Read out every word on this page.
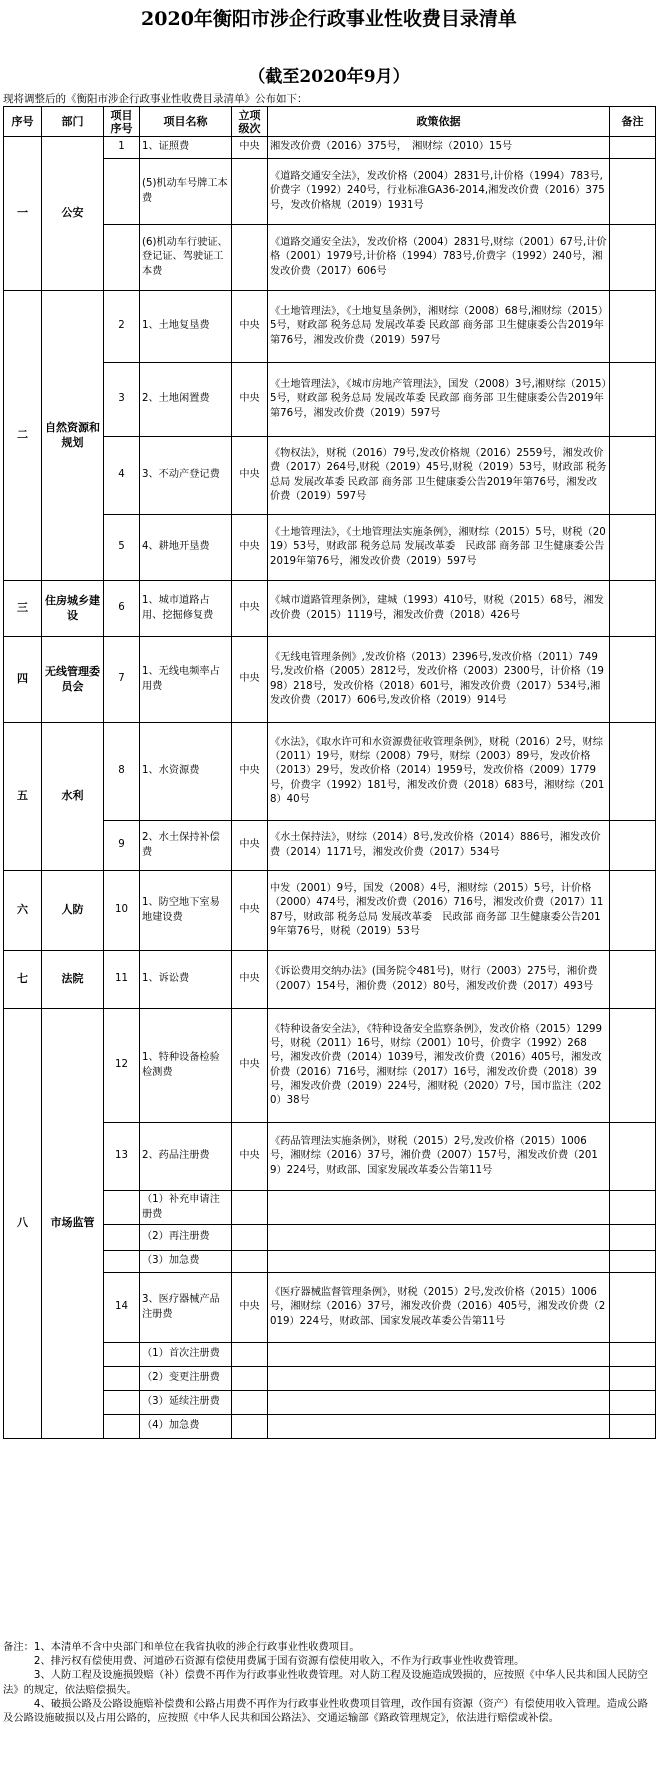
2020年衡阳市涉企行政事业性收费目录清单
（截至2020年9月）
现将调整后的《衡阳市涉企行政事业性收费目录清单》公布如下：
序号	部门	项目序号	项目名称	立项级次	政策依据	备注
一	公安	1	1、证照费	中央	湘发改价费（2016）375号，　湘财综（2010）15号	
			(5)机动车号牌工本费		《道路交通安全法》，发改价格（2004）2831号,计价格（1994）783号,价费字（1992）240号，行业标准GA36-2014,湘发改价费（2016）375号，发改价格规（2019）1931号	
			(6)机动车行驶证、登记证、驾驶证工本费		《道路交通安全法》，发改价格（2004）2831号,财综（2001）67号,计价格（2001）1979号,计价格（1994）783号,价费字（1992）240号，湘发改价费（2017）606号	
二	自然资源和规划	2	1、土地复垦费	中央	《土地管理法》，《土地复垦条例》，湘财综（2008）68号,湘财综（2015）5号，财政部 税务总局 发展改革委 民政部 商务部 卫生健康委公告2019年第76号，湘发改价费（2019）597号	
		3	2、土地闲置费	中央	《土地管理法》，《城市房地产管理法》，国发（2008）3号,湘财综（2015）5号，财政部 税务总局 发展改革委 民政部 商务部 卫生健康委公告2019年第76号，湘发改价费（2019）597号	
		4	3、不动产登记费	中央	《物权法》，财税（2016）79号,发改价格规（2016）2559号，湘发改价费（2017）264号,财税（2019）45号,财税（2019）53号，财政部 税务总局 发展改革委 民政部 商务部 卫生健康委公告2019年第76号，湘发改价费（2019）597号	
		5	4、耕地开垦费	中央	《土地管理法》，《土地管理法实施条例》，湘财综（2015）5号，财税（2019）53号，财政部 税务总局 发展改革委　民政部 商务部 卫生健康委公告2019年第76号，湘发改价费（2019）597号	
三	住房城乡建设	6	1、城市道路占用、挖掘修复费	中央	《城市道路管理条例》，建城（1993）410号，财税（2015）68号，湘发改价费（2015）1119号，湘发改价费（2018）426号	
四	无线管理委员会	7	1、无线电频率占用费	中央	《无线电管理条例》,发改价格（2013）2396号,发改价格（2011）749号,发改价格（2005）2812号，发改价格（2003）2300号，计价格（1998）218号，发改价格（2018）601号，湘发改价费（2017）534号,湘发改价费（2017）606号,发改价格（2019）914号	
五	水利	8	1、水资源费	中央	《水法》，《取水许可和水资源费征收管理条例》，财税（2016）2号，财综（2011）19号，财综（2008）79号，财综（2003）89号，发改价格（2013）29号，发改价格（2014）1959号，发改价格（2009）1779号，价费字（1992）181号，湘发改价费（2018）683号，湘财综（2018）40号	
		9	2、水土保持补偿费	中央	《水土保持法》，财综（2014）8号,发改价格（2014）886号，湘发改价费（2014）1171号，湘发改价费（2017）534号	
六	人防	10	1、防空地下室易地建设费	中央	中发（2001）9号，国发（2008）4号，湘财综（2015）5号，计价格（2000）474号，湘发改价费（2016）716号，湘发改价费（2017）1187号，财政部 税务总局 发展改革委　民政部 商务部 卫生健康委公告2019年第76号，财税（2019）53号	
七	法院	11	1、诉讼费	中央	《诉讼费用交纳办法》(国务院令481号)，财行（2003）275号，湘价费（2007）154号，湘价费（2012）80号，湘发改价费（2017）493号	
八	市场监管	12	1、特种设备检验检测费	中央	《特种设备安全法》，《特种设备安全监察条例》，发改价格（2015）1299号，财税（2011）16号，财综（2001）10号，价费字（1992）268号，湘发改价费（2014）1039号，湘发改价费（2016）405号，湘发改价费（2016）716号，湘财综（2017）16号，湘发改价费（2018）39号，湘发改价费（2019）224号，湘财税（2020）7号，国市监注（2020）38号	
		13	2、药品注册费	中央	《药品管理法实施条例》，财税（2015）2号,发改价格（2015）1006号，湘财综（2016）37号，湘价费（2007）157号，湘发改价费（2019）224号，财政部、国家发展改革委公告第11号	
			（1）补充申请注册费			
			（2）再注册费			
			（3）加急费			
		14	3、医疗器械产品注册费	中央	《医疗器械监督管理条例》，财税（2015）2号,发改价格（2015）1006号，湘财综（2016）37号，湘发改价费（2016）405号，湘发改价费（2019）224号，财政部、国家发展改革委公告第11号	
			（1）首次注册费			
			（2）变更注册费			
			（3）延续注册费			
			（4）加急费			

备注：1、本清单不含中央部门和单位在我省执收的涉企行政事业性收费项目。

　　　2、排污权有偿使用费、河道砂石资源有偿使用费属于国有资源有偿使用收入，不作为行政事业性收费管理。

　　　3、人防工程及设施损毁赔（补）偿费不再作为行政事业性收费管理。对人防工程及设施造成毁损的，应按照《中华人民共和国人民防空法》的规定，依法赔偿损失。

　　　4、破损公路及公路设施赔补偿费和公路占用费不再作为行政事业性收费项目管理，改作国有资源（资产）有偿使用收入管理。造成公路及公路设施破损以及占用公路的，应按照《中华人民共和国公路法》、交通运输部《路政管理规定》，依法进行赔偿或补偿。
